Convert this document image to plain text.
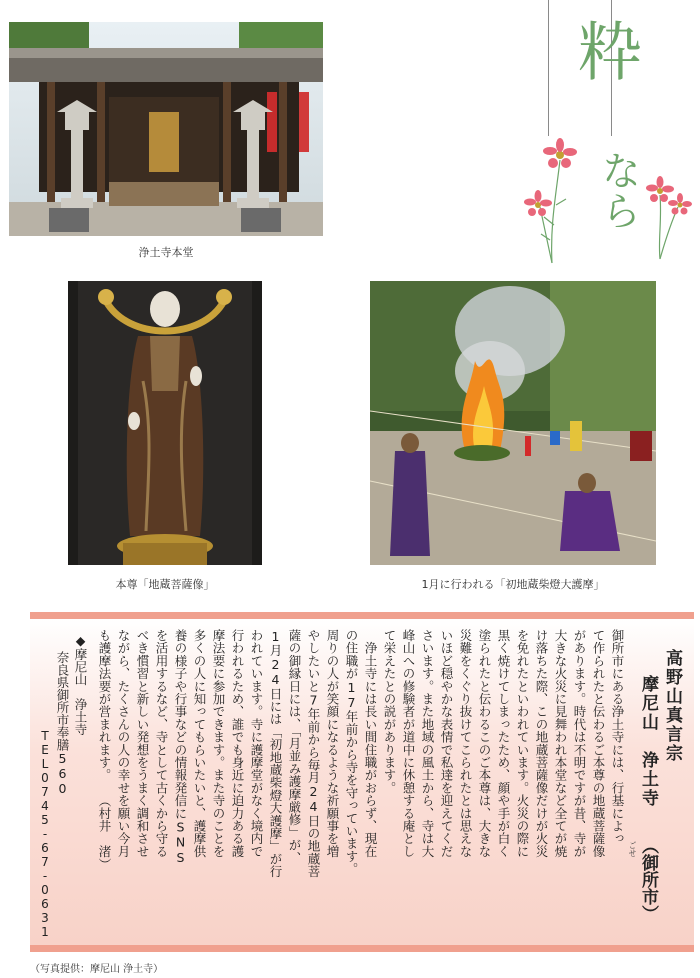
浄土寺本堂
粋
なら
本尊「地蔵菩薩像」	1月に行われる「初地蔵柴燈大護摩」
高野山真言宗
摩尼山　浄土寺
（御所市）
ごせ
御所市にある浄土寺には、行基によっ
て作られたと伝わるご本尊の地蔵菩薩像
があります。時代は不明ですが昔、寺が
大きな火災に見舞われ本堂など全てが焼
け落ちた際、この地蔵菩薩像だけが火災
を免れたといわれています。火災の際に
黒く焼けてしまったため、顔や手が白く
塗られたと伝わるこのご本尊は、大きな
災難をくぐり抜けてこられたとは思えな
いほど穏やかな表情で私達を迎えてくだ
さいます。また地域の風土から、寺は大
峰山への修験者が道中に休憩する庵とし
て栄えたとの説があります。
　浄土寺には長い間住職がおらず、現在
の住職が17年前から寺を守っています。
周りの人が笑顔になるような祈願事を増
やしたいと7年前から毎月24日の地蔵菩
薩の御縁日には、「月並み護摩厳修」が、
1月24日には「初地蔵柴燈大護摩」が行
われています。寺に護摩堂がなく境内で
行われるため、誰でも身近に迫力ある護
摩法要に参加できます。また寺のことを
多くの人に知ってもらいたいと、護摩供
養の様子や行事などの情報発信にSNS
を活用するなど、寺として古くから守る
べき慣習と新しい発想をうまく調和させ
ながら、たくさんの人の幸せを願い今月
も護摩法要が営まれます。　　（村井　渚）
◆摩尼山　浄土寺
奈良県御所市奉膳560
TEL0745-67-0631
（写真提供：摩尼山 浄土寺）
